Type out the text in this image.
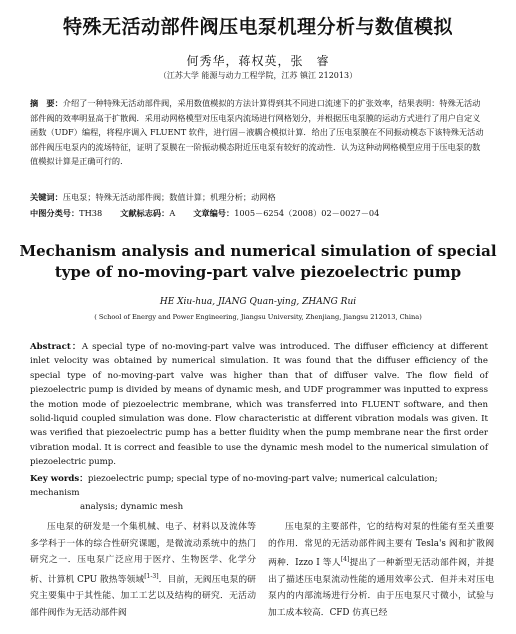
特殊无活动部件阀压电泵机理分析与数值模拟
何秀华，蒋权英，张　睿
（江苏大学 能源与动力工程学院，江苏 镇江 212013）
摘　要：介绍了一种特殊无活动部件阀，采用数值模拟的方法计算得到其不同进口流速下的扩张效率，结果表明：特殊无活动部件阀的效率明显高于扩散阀．采用动网格模型对压电泵内流场进行网格划分，并根据压电泵膜的运动方式进行了用户自定义函数（UDF）编程，将程序调入 FLUENT 软件，进行固－液耦合模拟计算．给出了压电泵膜在不同振动模态下该特殊无活动部件阀压电泵内的流场特征，证明了泵膜在一阶振动模态附近压电泵有较好的流动性．认为这种动网格模型应用于压电泵的数值模拟计算是正确可行的．
关键词：压电泵；特殊无活动部件阀；数值计算；机理分析；动网格
中图分类号：TH38 文献标志码：A 文章编号：1005－6254（2008）02－0027－04
Mechanism analysis and numerical simulation of special type of no-moving-part valve piezoelectric pump
HE Xiu-hua, JIANG Quan-ying, ZHANG Rui
( School of Energy and Power Engineering, Jiangsu University, Zhenjiang, Jiangsu 212013, China)
Abstract：A special type of no-moving-part valve was introduced. The diffuser efficiency at different inlet velocity was obtained by numerical simulation. It was found that the diffuser efficiency of the special type of no-moving-part valve was higher than that of diffuser valve. The flow field of piezoelectric pump is divided by means of dynamic mesh, and UDF programmer was inputted to express the motion mode of piezoelectric membrane, which was transferred into FLUENT software, and then solid-liquid coupled simulation was done. Flow characteristic at different vibration modals was given. It was verified that piezoelectric pump has a better fluidity when the pump membrane near the first order vibration modal. It is correct and feasible to use the dynamic mesh model to the numerical simulation of piezoelectric pump.
Key words：piezoelectric pump; special type of no-moving-part valve; numerical calculation; mechanism
analysis; dynamic mesh
压电泵的研发是一个集机械、电子、材料以及流体等多学科于一体的综合性研究课题，是微流动系统中的热门研究之一．压电泵广泛应用于医疗、生物医学、化学分析、计算机 CPU 散热等领域[1-3]．目前，无阀压电泵的研究主要集中于其性能、加工工艺以及结构的研究．无活动部件阀作为无活动部件阀
压电泵的主要部件，它的结构对泵的性能有至关重要的作用．常见的无活动部件阀主要有 Tesla's 阀和扩散阀两种．Izzo I 等人[4]提出了一种新型无活动部件阀，并提出了描述压电泵流动性能的通用效率公式．但并未对压电泵内的内部流场进行分析．由于压电泵尺寸微小，试验与加工成本较高．CFD 仿真已经
